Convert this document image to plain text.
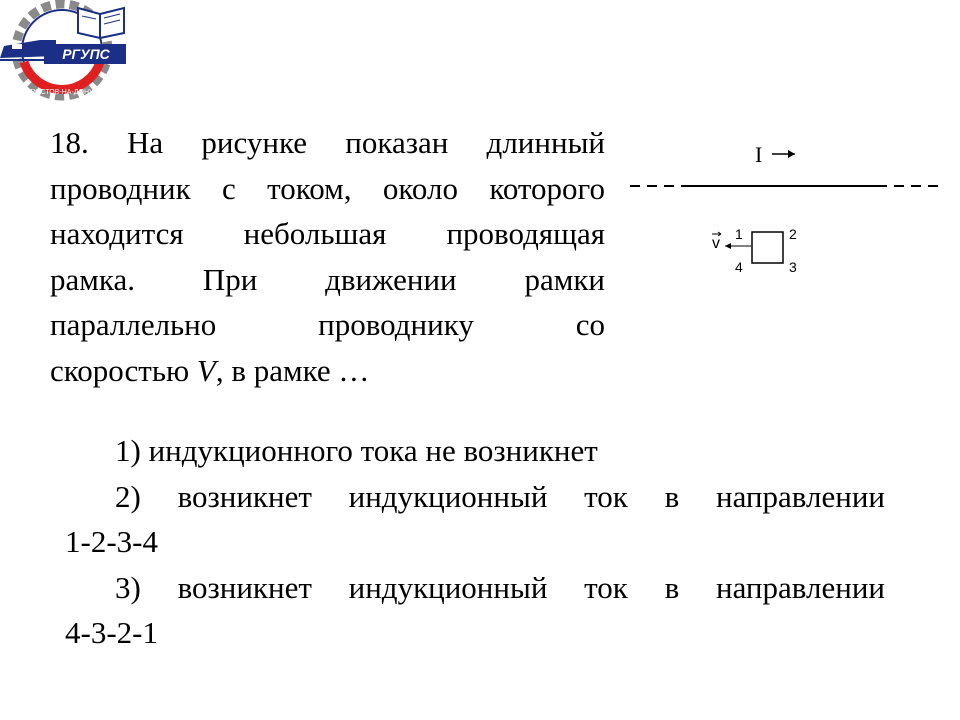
РОСТОВ-НА-ДОНУ
РГУПС
18. На рисунке показан длинный
проводник с током, около которого
находится небольшая проводящая
рамка. При движении рамки
параллельно проводнику со
скоростью V, в рамке …
I
v
1	2
3
4
1) индукционного тока не возникнет
2) возникнет индукционный ток в направлении
1-2-3-4
3) возникнет индукционный ток в направлении
4-3-2-1
